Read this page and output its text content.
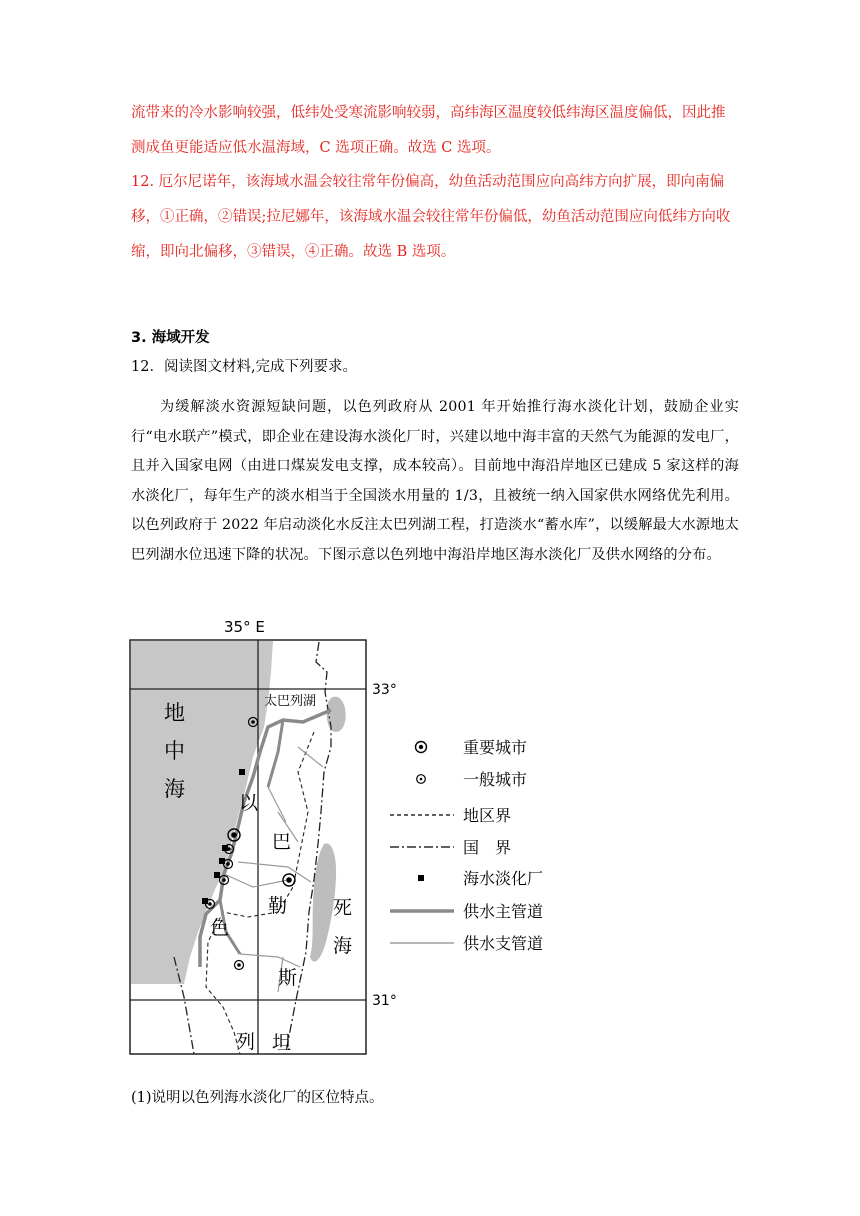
流带来的冷水影响较强，低纬处受寒流影响较弱，高纬海区温度较低纬海区温度偏低，因此推测成鱼更能适应低水温海域，C 选项正确。故选 C 选项。

12. 厄尔尼诺年，该海域水温会较往常年份偏高，幼鱼活动范围应向高纬方向扩展，即向南偏移，①正确，②错误;拉尼娜年，该海域水温会较往常年份偏低，幼鱼活动范围应向低纬方向收缩，即向北偏移，③错误，④正确。故选 B 选项。

3. 海域开发
12．阅读图文材料,完成下列要求。

为缓解淡水资源短缺问题，以色列政府从 2001 年开始推行海水淡化计划，鼓励企业实行“电水联产”模式，即企业在建设海水淡化厂时，兴建以地中海丰富的天然气为能源的发电厂，且并入国家电网（由进口煤炭发电支撑，成本较高）。目前地中海沿岸地区已建成 5 家这样的海水淡化厂，每年生产的淡水相当于全国淡水用量的 1/3，且被统一纳入国家供水网络优先利用。以色列政府于 2022 年启动淡化水反注太巴列湖工程，打造淡水“蓄水库”，以缓解最大水源地太巴列湖水位迅速下降的状况。下图示意以色列地中海沿岸地区海水淡化厂及供水网络的分布。

35° E
33°
31°
地
中
海
太巴列湖
以
色
列
巴
勒
斯
坦
死
海
重要城市
一般城市
地区界
国　界
海水淡化厂
供水主管道
供水支管道
(1)说明以色列海水淡化厂的区位特点。
